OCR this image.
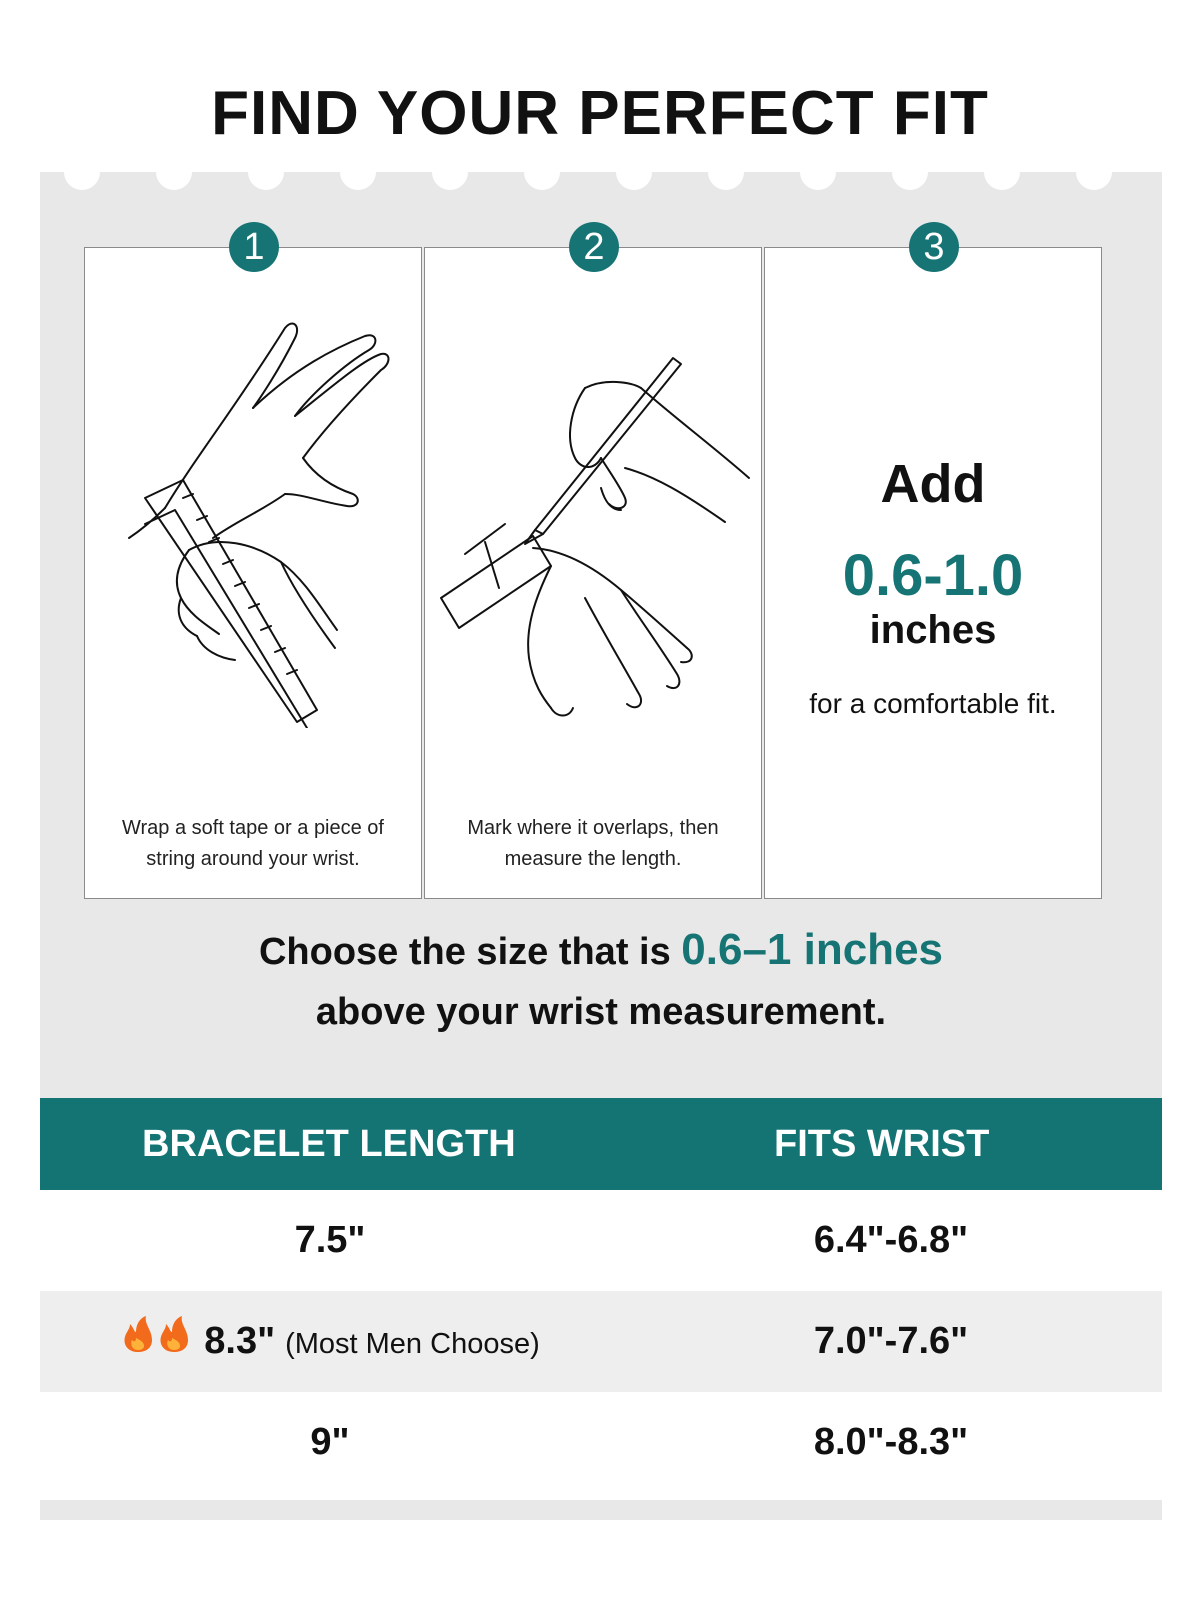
FIND YOUR PERFECT FIT
1
Wrap a soft tape or a piece of
string around your wrist.
2
Mark where it overlaps, then
measure the length.
3
Add
0.6-1.0
inches
for a comfortable fit.
Choose the size that is 0.6–1 inches
above your wrist measurement.
BRACELET LENGTH	FITS WRIST
7.5"	6.4"-6.8"
8.3" (Most Men Choose)	7.0"-7.6"
9"	8.0"-8.3"
